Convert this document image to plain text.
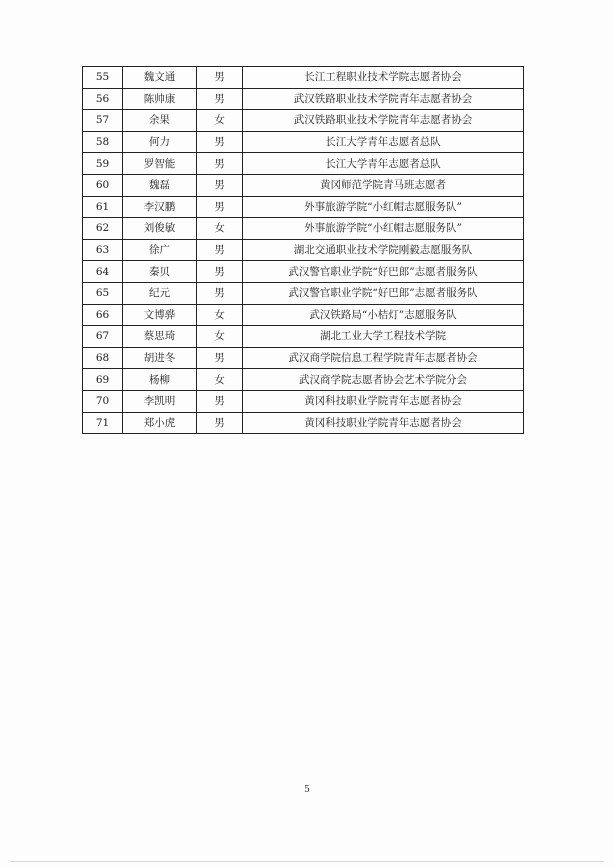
55	魏文通	男	长江工程职业技术学院志愿者协会
56	陈帅康	男	武汉铁路职业技术学院青年志愿者协会
57	余果	女	武汉铁路职业技术学院青年志愿者协会
58	何力	男	长江大学青年志愿者总队
59	罗智能	男	长江大学青年志愿者总队
60	魏磊	男	黄冈师范学院青马班志愿者
61	李汉鹏	男	外事旅游学院“小红帽志愿服务队”
62	刘俊敏	女	外事旅游学院“小红帽志愿服务队”
63	徐广	男	湖北交通职业技术学院刚毅志愿服务队
64	秦贝	男	武汉警官职业学院“好巴郎”志愿者服务队
65	纪元	男	武汉警官职业学院“好巴郎”志愿者服务队
66	文博骅	女	武汉铁路局“小桔灯”志愿服务队
67	蔡思琦	女	湖北工业大学工程技术学院
68	胡进冬	男	武汉商学院信息工程学院青年志愿者协会
69	杨柳	女	武汉商学院志愿者协会艺术学院分会
70	李凯明	男	黄冈科技职业学院青年志愿者协会
71	郑小虎	男	黄冈科技职业学院青年志愿者协会
5
